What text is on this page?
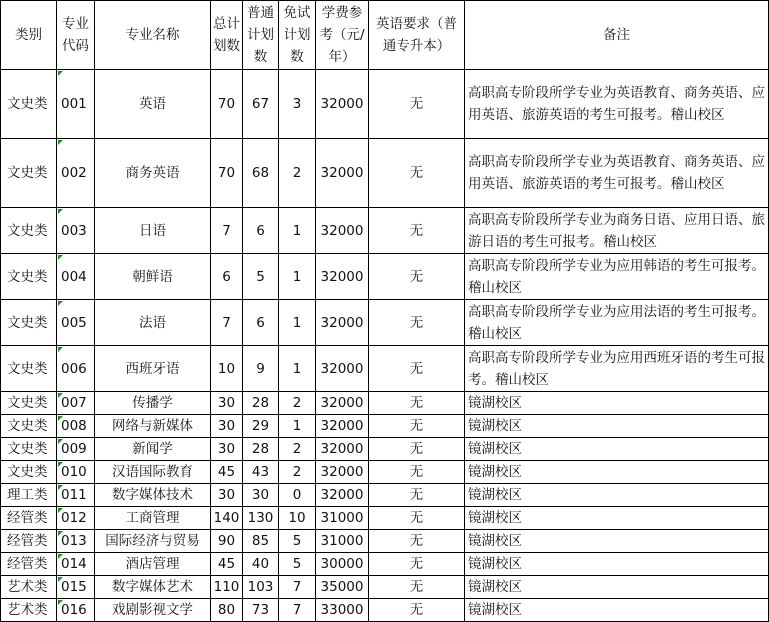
类别	专业代码	专业名称	总计划数	普通计划数	免试计划数	学费参考（元/年）	英语要求（普通专升本）	备注
文史类	001	英语	70	67	3	32000	无	高职高专阶段所学专业为英语教育、商务英语、应用英语、旅游英语的考生可报考。稽山校区
文史类	002	商务英语	70	68	2	32000	无	高职高专阶段所学专业为英语教育、商务英语、应用英语、旅游英语的考生可报考。稽山校区
文史类	003	日语	7	6	1	32000	无	高职高专阶段所学专业为商务日语、应用日语、旅游日语的考生可报考。稽山校区
文史类	004	朝鲜语	6	5	1	32000	无	高职高专阶段所学专业为应用韩语的考生可报考。稽山校区
文史类	005	法语	7	6	1	32000	无	高职高专阶段所学专业为应用法语的考生可报考。稽山校区
文史类	006	西班牙语	10	9	1	32000	无	高职高专阶段所学专业为应用西班牙语的考生可报考。稽山校区
文史类	007	传播学	30	28	2	32000	无	镜湖校区
文史类	008	网络与新媒体	30	29	1	32000	无	镜湖校区
文史类	009	新闻学	30	28	2	32000	无	镜湖校区
文史类	010	汉语国际教育	45	43	2	32000	无	镜湖校区
理工类	011	数字媒体技术	30	30	0	32000	无	镜湖校区
经管类	012	工商管理	140	130	10	31000	无	镜湖校区
经管类	013	国际经济与贸易	90	85	5	31000	无	镜湖校区
经管类	014	酒店管理	45	40	5	30000	无	镜湖校区
艺术类	015	数字媒体艺术	110	103	7	35000	无	镜湖校区
艺术类	016	戏剧影视文学	80	73	7	33000	无	镜湖校区
